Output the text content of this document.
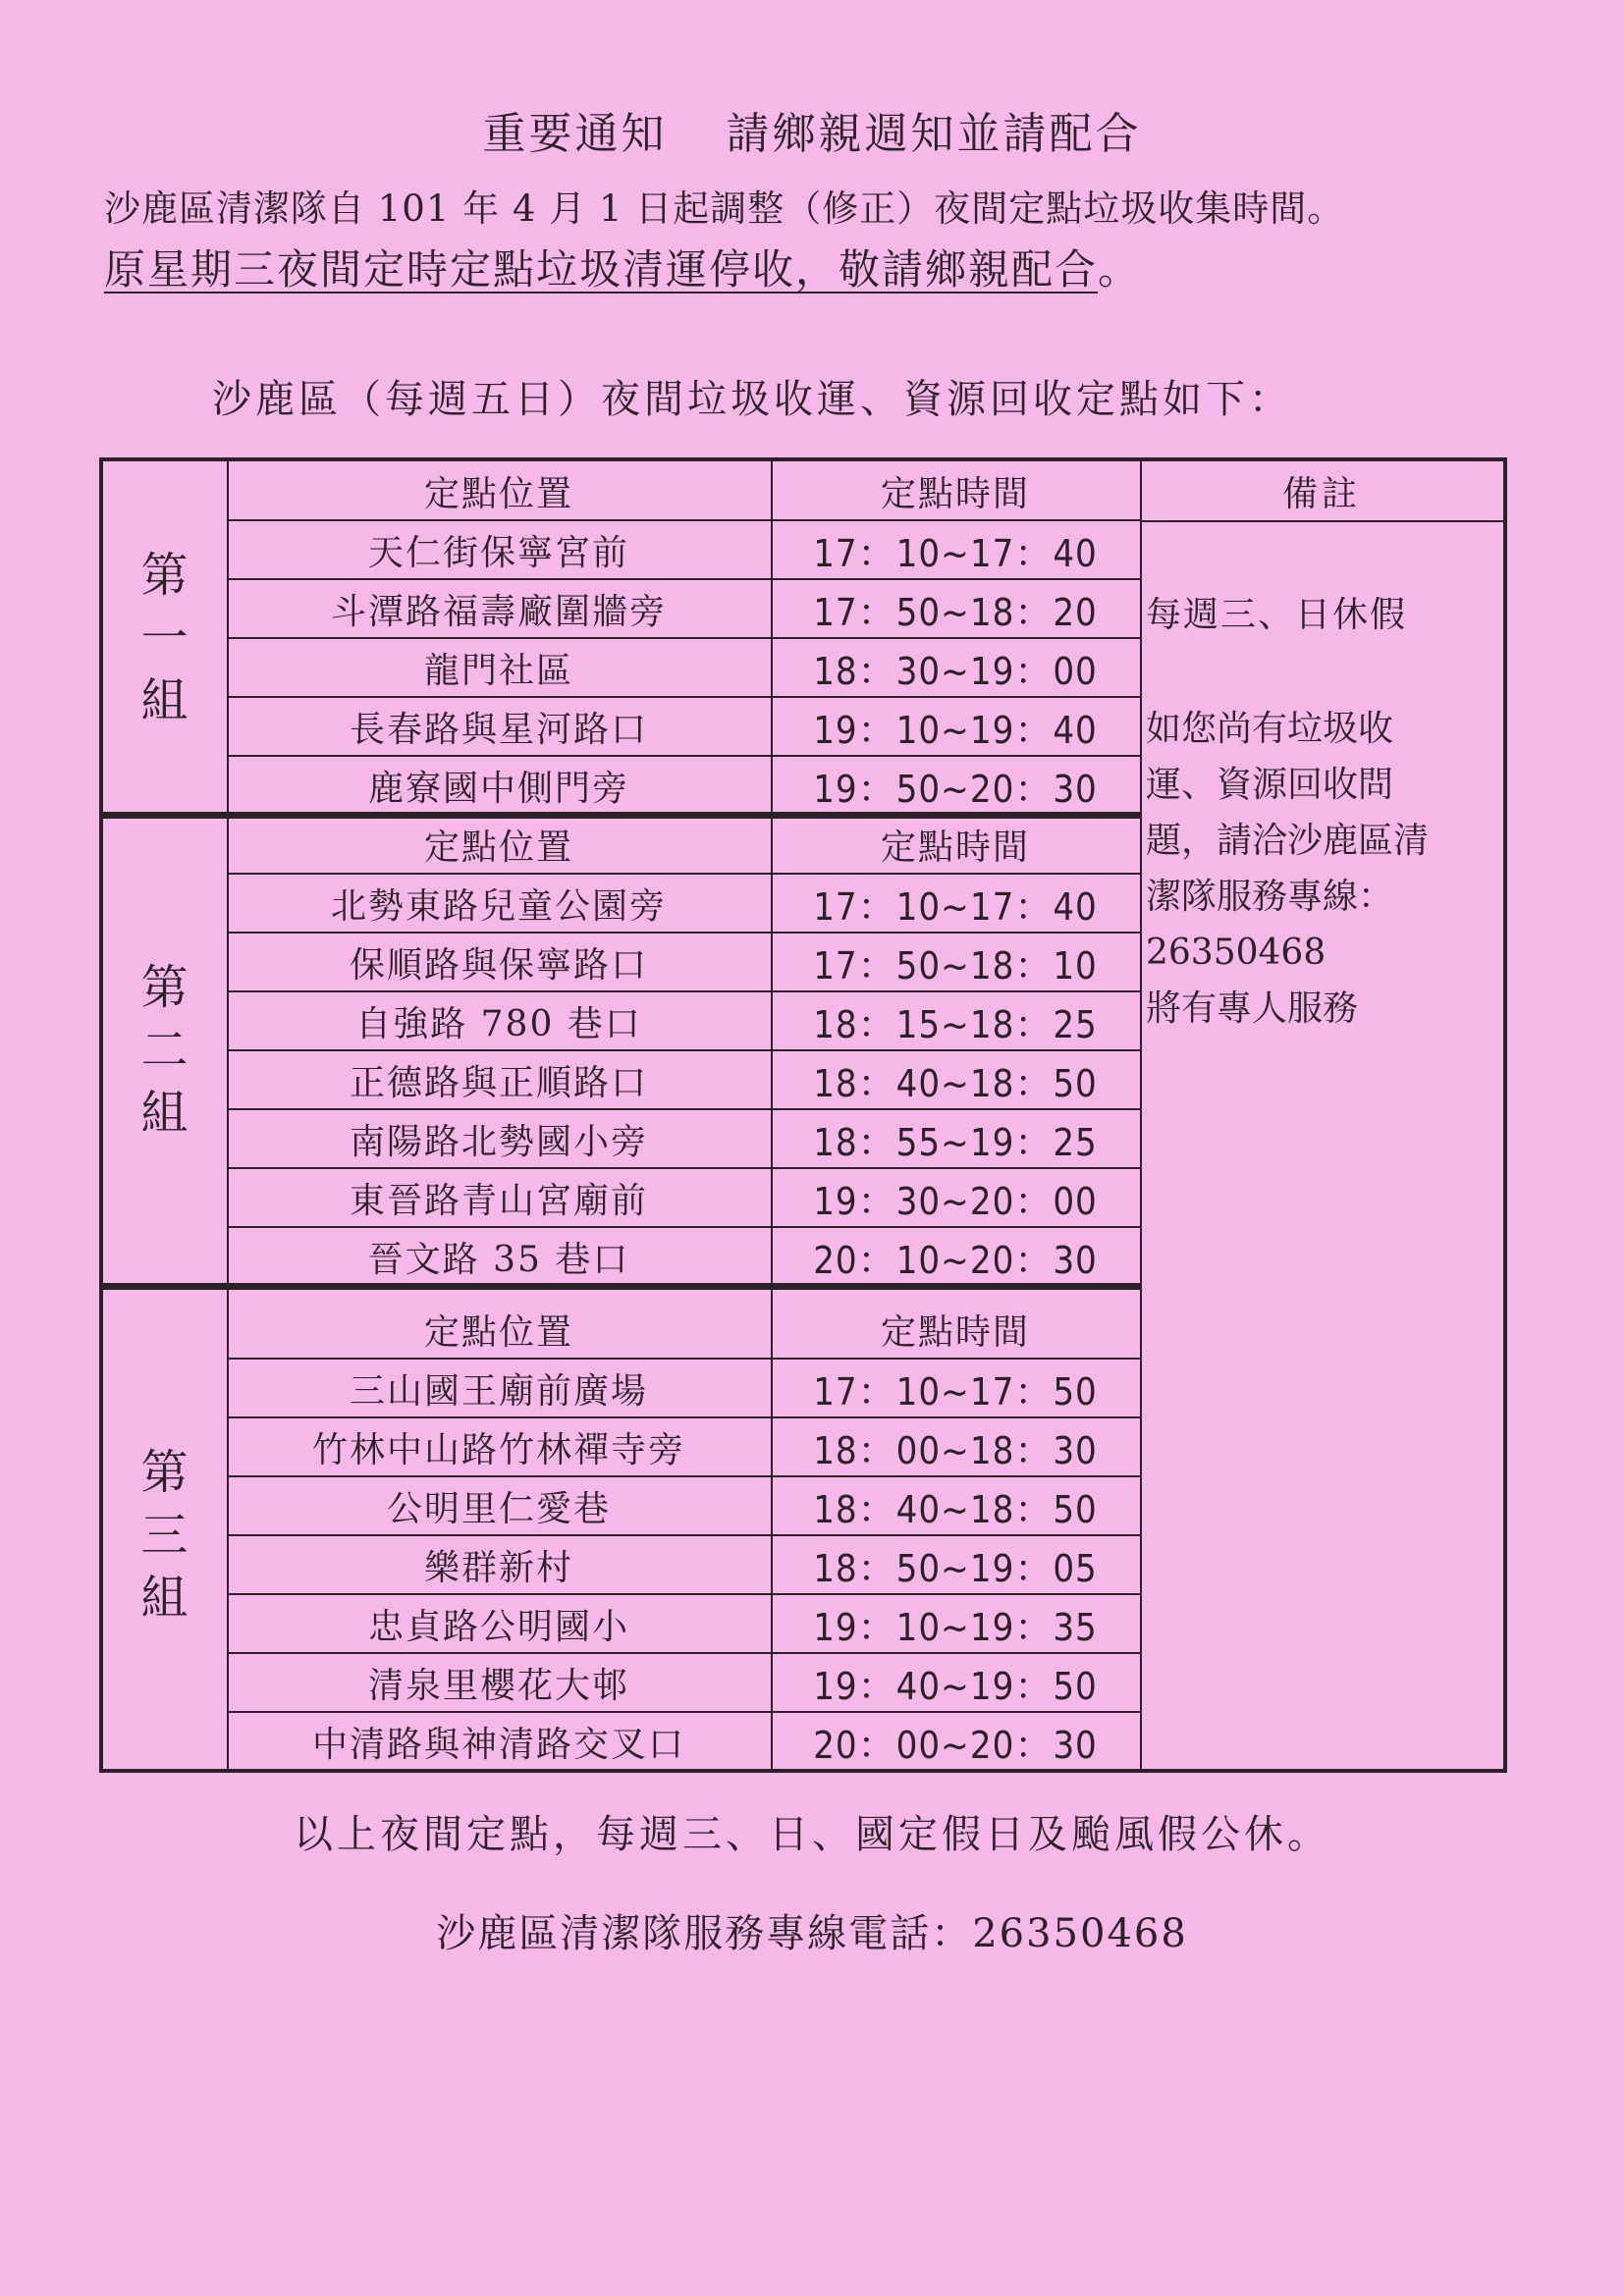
重要通知 請鄉親週知並請配合
沙鹿區清潔隊自 101 年 4 月 1 日起調整（修正）夜間定點垃圾收集時間。
原星期三夜間定時定點垃圾清運停收，敬請鄉親配合。
沙鹿區（每週五日）夜間垃圾收運、資源回收定點如下：
備註
第
一
組
定點位置	定點時間
天仁街保寧宮前	17：10~17：40
斗潭路福壽廠圍牆旁	17：50~18：20
龍門社區	18：30~19：00
長春路與星河路口	19：10~19：40
鹿寮國中側門旁	19：50~20：30
第
二
組
定點位置	定點時間
北勢東路兒童公園旁	17：10~17：40
保順路與保寧路口	17：50~18：10
自強路 780 巷口	18：15~18：25
正德路與正順路口	18：40~18：50
南陽路北勢國小旁	18：55~19：25
東晉路青山宮廟前	19：30~20：00
晉文路 35 巷口	20：10~20：30
第
三
組
定點位置	定點時間
三山國王廟前廣場	17：10~17：50
竹林中山路竹林禪寺旁	18：00~18：30
公明里仁愛巷	18：40~18：50
樂群新村	18：50~19：05
忠貞路公明國小	19：10~19：35
清泉里櫻花大邨	19：40~19：50
中清路與神清路交叉口	20：00~20：30
每週三、日休假
如您尚有垃圾收
運、資源回收問
題，請洽沙鹿區清
潔隊服務專線：
26350468
將有專人服務
以上夜間定點，每週三、日、國定假日及颱風假公休。
沙鹿區清潔隊服務專線電話：26350468
